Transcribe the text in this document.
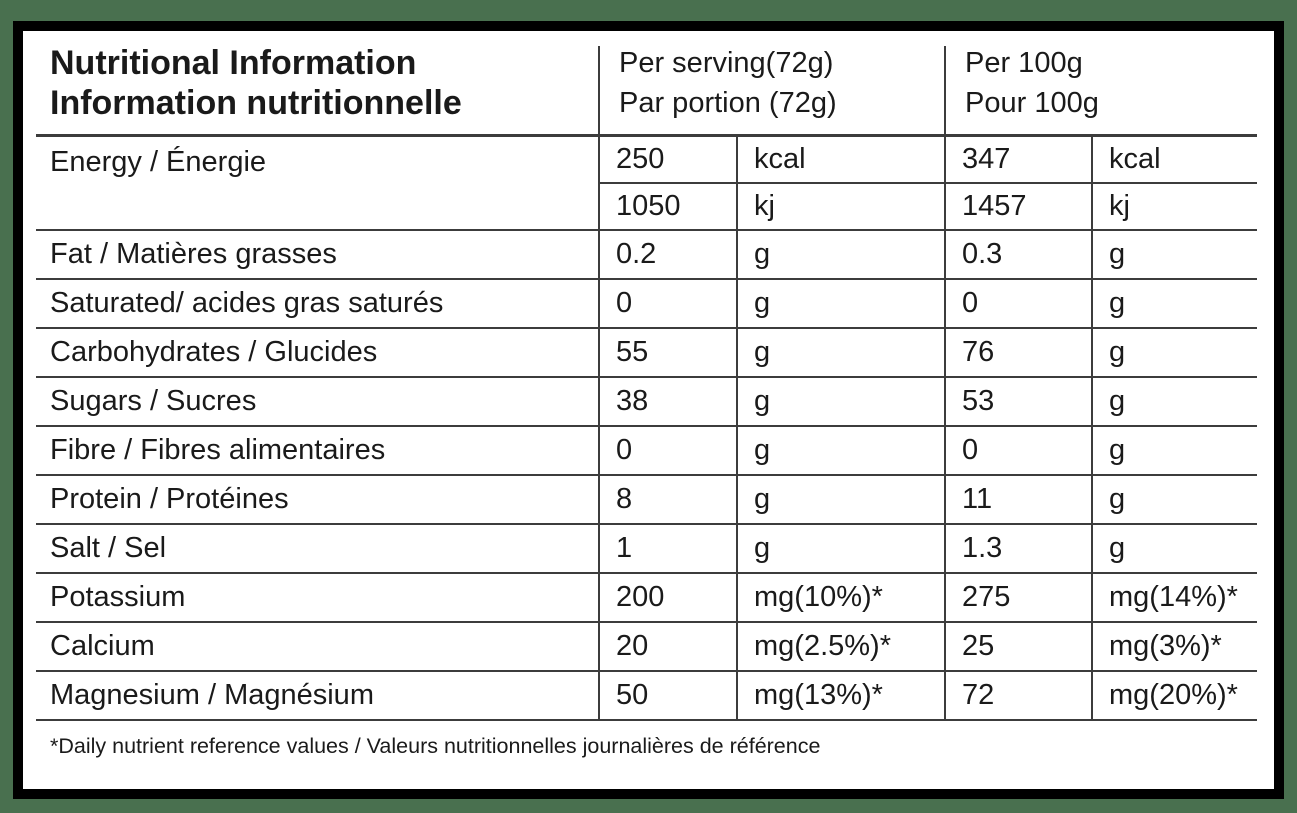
Nutritional Information
Information nutritionnelle

Per serving(72g)
Par portion (72g)

Per 100g
Pour 100g

Energy / Énergie	250	kcal	347	kcal
	1050	kj	1457	kj
Fat / Matières grasses	0.2	g	0.3	g
Saturated/ acides gras saturés	0	g	0	g
Carbohydrates / Glucides	55	g	76	g
Sugars / Sucres	38	g	53	g
Fibre / Fibres alimentaires	0	g	0	g
Protein / Protéines	8	g	11	g
Salt / Sel	1	g	1.3	g
Potassium	200	mg(10%)*	275	mg(14%)*
Calcium	20	mg(2.5%)*	25	mg(3%)*
Magnesium / Magnésium	50	mg(13%)*	72	mg(20%)*
*Daily nutrient reference values / Valeurs nutritionnelles journalières de référence
